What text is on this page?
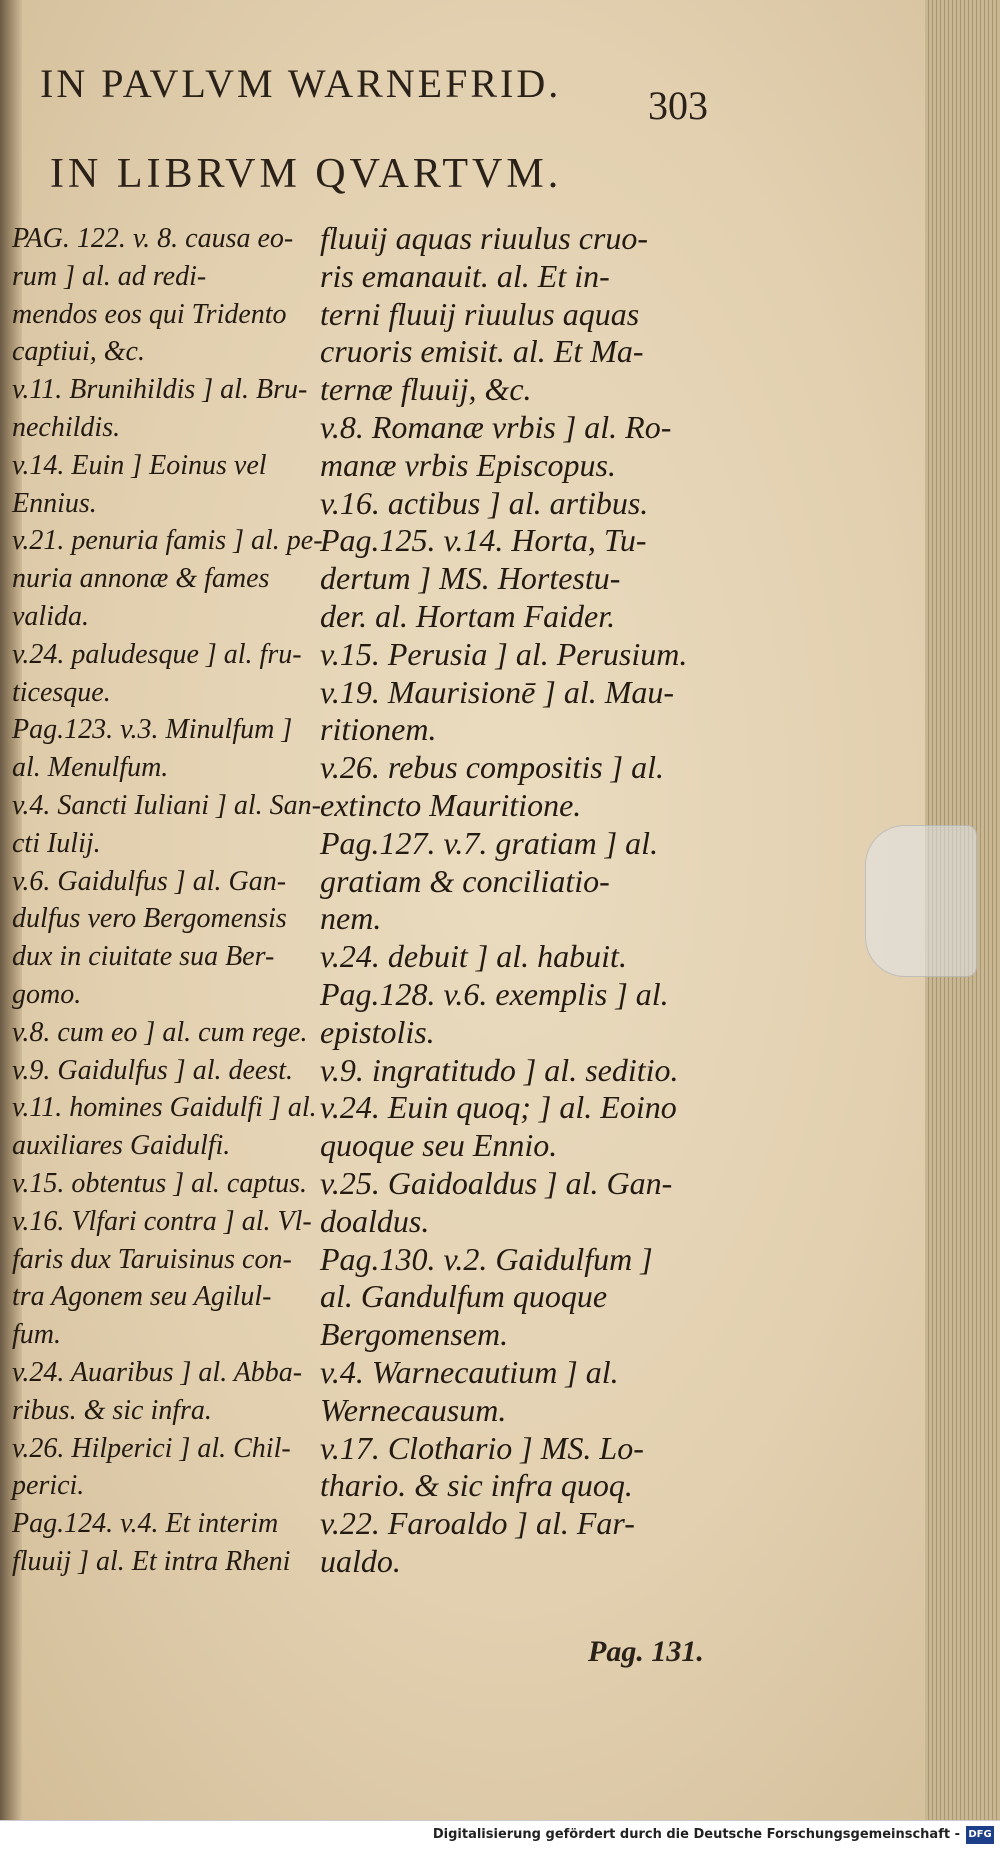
IN PAVLVM WARNEFRID.	303
IN LIBRVM QVARTVM.
PAG. 122. v. 8. causa eo-
rum ] al. ad redi-
mendos eos qui Tridento
captiui, &c.
v.11. Brunihildis ] al. Bru-
nechildis.
v.14. Euin ] Eoinus vel
Ennius.
v.21. penuria famis ] al. pe-
nuria annonæ & fames
valida.
v.24. paludesque ] al. fru-
ticesque.
Pag.123. v.3. Minulfum ]
al. Menulfum.
v.4. Sancti Iuliani ] al. San-
cti Iulij.
v.6. Gaidulfus ] al. Gan-
dulfus vero Bergomensis
dux in ciuitate sua Ber-
gomo.
v.8. cum eo ] al. cum rege.
v.9. Gaidulfus ] al. deest.
v.11. homines Gaidulfi ] al.
auxiliares Gaidulfi.
v.15. obtentus ] al. captus.
v.16. Vlfari contra ] al. Vl-
faris dux Taruisinus con-
tra Agonem seu Agilul-
fum.
v.24. Auaribus ] al. Abba-
ribus. & sic infra.
v.26. Hilperici ] al. Chil-
perici.
Pag.124. v.4. Et interim
fluuij ] al. Et intra Rheni
fluuij aquas riuulus cruo-
ris emanauit. al. Et in-
terni fluuij riuulus aquas
cruoris emisit. al. Et Ma-
ternæ fluuij, &c.
v.8. Romanæ vrbis ] al. Ro-
manæ vrbis Episcopus.
v.16. actibus ] al. artibus.
Pag.125. v.14. Horta, Tu-
dertum ] MS. Hortestu-
der. al. Hortam Faider.
v.15. Perusia ] al. Perusium.
v.19. Maurisionē ] al. Mau-
ritionem.
v.26. rebus compositis ] al.
extincto Mauritione.
Pag.127. v.7. gratiam ] al.
gratiam & conciliatio-
nem.
v.24. debuit ] al. habuit.
Pag.128. v.6. exemplis ] al.
epistolis.
v.9. ingratitudo ] al. seditio.
v.24. Euin quoq; ] al. Eoino
quoque seu Ennio.
v.25. Gaidoaldus ] al. Gan-
doaldus.
Pag.130. v.2. Gaidulfum ]
al. Gandulfum quoque
Bergomensem.
v.4. Warnecautium ] al.
Wernecausum.
v.17. Clothario ] MS. Lo-
thario. & sic infra quoq.
v.22. Faroaldo ] al. Far-
ualdo.
Pag. 131.
Digitalisierung gefördert durch die Deutsche Forschungsgemeinschaft - DFG
